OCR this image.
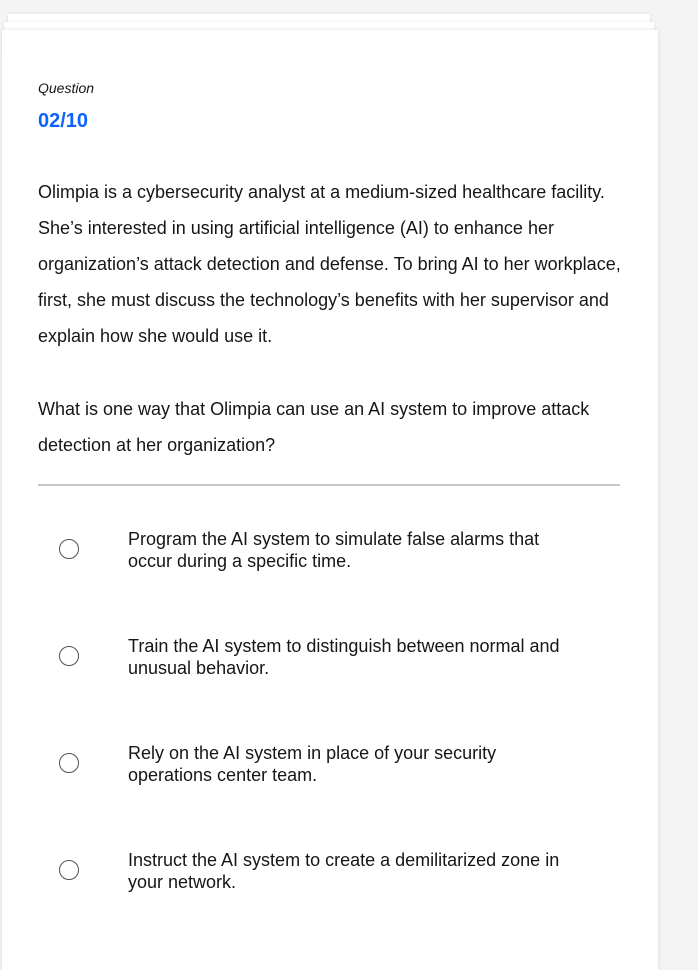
Question
02/10

Olimpia is a cybersecurity analyst at a medium-sized healthcare facility. She’s interested in using artificial intelligence (AI) to enhance her organization’s attack detection and defense. To bring AI to her workplace, first, she must discuss the technology’s benefits with her supervisor and explain how she would use it.

What is one way that Olimpia can use an AI system to improve attack detection at her organization?

Program the AI system to simulate false alarms that occur during a specific time.
Train the AI system to distinguish between normal and unusual behavior.
Rely on the AI system in place of your security operations center team.
Instruct the AI system to create a demilitarized zone in your network.
